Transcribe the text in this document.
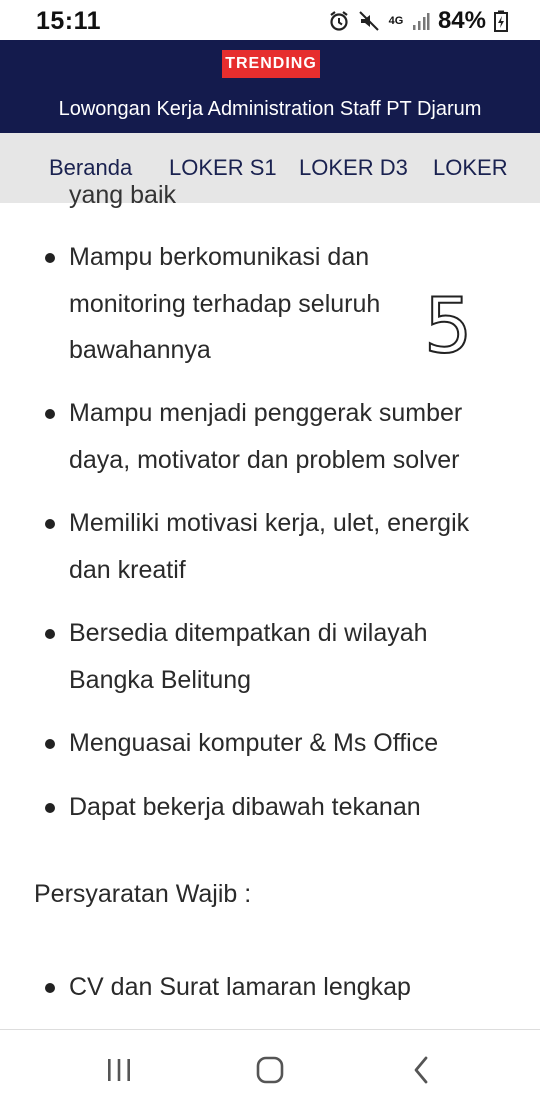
15:11	4G 84%
TRENDING
Lowongan Kerja Administration Staff PT Djarum
Beranda LOKER S1 LOKER D3 LOKER
yang baik
Mampu berkomunikasi dan
monitoring terhadap seluruh
bawahannya
Mampu menjadi penggerak sumber
daya, motivator dan problem solver
Memiliki motivasi kerja, ulet, energik
dan kreatif
Bersedia ditempatkan di wilayah
Bangka Belitung
Menguasai komputer & Ms Office
Dapat bekerja dibawah tekanan
Persyaratan Wajib :
CV dan Surat lamaran lengkap
5
